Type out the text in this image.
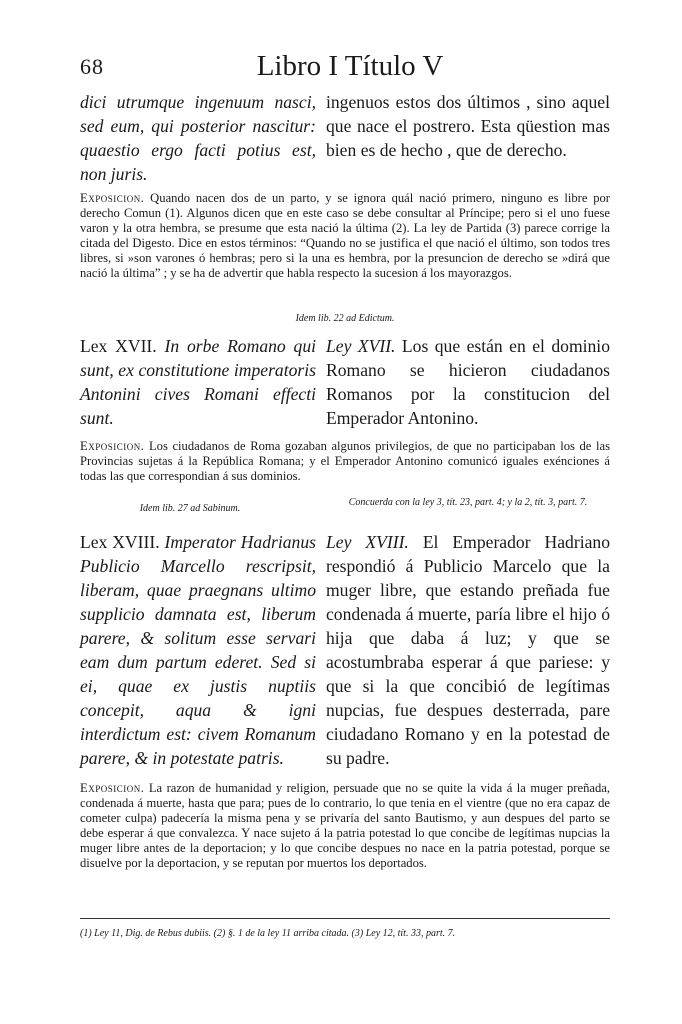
68	Libro I Título V
dici utrumque ingenuum nasci, sed eum, qui posterior nascitur: quaestio ergo facti potius est, non juris.
ingenuos estos dos últimos , sino aquel que nace el postrero. Esta qüestion mas bien es de hecho , que de derecho.
Exposicion. Quando nacen dos de un parto, y se ignora quál nació primero, ninguno es libre por derecho Comun (1). Algunos dicen que en este caso se debe consultar al Príncipe; pero si el uno fuese varon y la otra hembra, se presume que esta nació la última (2). La ley de Partida (3) parece corrige la citada del Digesto. Dice en estos términos: “Quando no se justifica el que nació el último, son todos tres libres, si »son varones ó hembras; pero si la una es hembra, por la presuncion de derecho se »dirá que nació la última” ; y se ha de advertir que habla respecto la sucesion á los mayorazgos.
Idem lib. 22 ad Edictum.
Lex XVII. In orbe Romano qui sunt, ex constitutione imperatoris Antonini cives Romani effecti sunt.
Ley XVII. Los que están en el dominio Romano se hicieron ciudadanos Romanos por la constitucion del Emperador Antonino.
Exposicion. Los ciudadanos de Roma gozaban algunos privilegios, de que no participaban los de las Provincias sujetas á la República Romana; y el Emperador Antonino comunicó iguales exénciones á todas las que correspondian á sus dominios.
Idem lib. 27 ad Sabinum.
Concuerda con la ley 3, tít. 23, part. 4; y la 2, tít. 3, part. 7.
Lex XVIII. Imperator Hadrianus Publicio Marcello rescripsit, liberam, quae praegnans ultimo supplicio damnata est, liberum parere, & solitum esse servari eam dum partum ederet. Sed si ei, quae ex justis nuptiis concepit, aqua & igni interdictum est: civem Romanum parere, & in potestate patris.
Ley XVIII. El Emperador Hadriano respondió á Publicio Marcelo que la muger libre, que estando preñada fue condenada á muerte, paría libre el hijo ó hija que daba á luz; y que se acostumbraba esperar á que pariese: y que si la que concibió de legítimas nupcias, fue despues desterrada, pare ciudadano Romano y en la potestad de su padre.
Exposicion. La razon de humanidad y religion, persuade que no se quite la vida á la muger preñada, condenada á muerte, hasta que para; pues de lo contrario, lo que tenia en el vientre (que no era capaz de cometer culpa) padecería la misma pena y se privaría del santo Bautismo, y aun despues del parto se debe esperar á que convalezca. Y nace sujeto á la patria potestad lo que concibe de legítimas nupcias la muger libre antes de la deportacion; y lo que concibe despues no nace en la patria potestad, porque se disuelve por la deportacion, y se reputan por muertos los deportados.
(1) Ley 11, Dig. de Rebus dubiis. (2) §. 1 de la ley 11 arriba citada. (3) Ley 12, tít. 33, part. 7.
